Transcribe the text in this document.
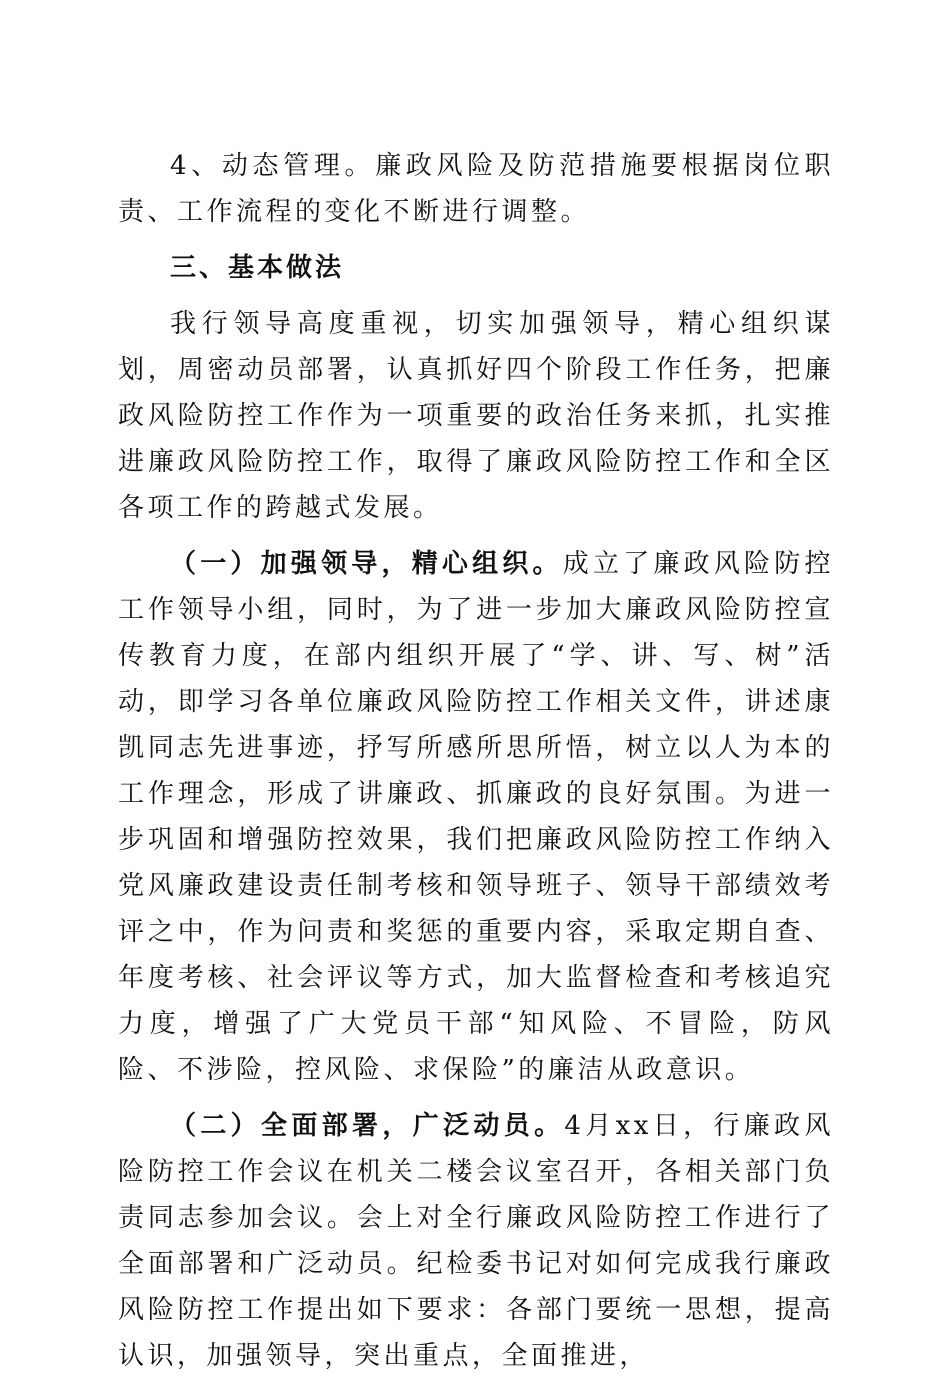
4、动态管理。廉政风险及防范措施要根据岗位职责、工作流程的变化不断进行调整。

三、基本做法

我行领导高度重视，切实加强领导，精心组织谋划，周密动员部署，认真抓好四个阶段工作任务，把廉政风险防控工作作为一项重要的政治任务来抓，扎实推进廉政风险防控工作，取得了廉政风险防控工作和全区各项工作的跨越式发展。

（一）加强领导，精心组织。成立了廉政风险防控工作领导小组，同时，为了进一步加大廉政风险防控宣传教育力度，在部内组织开展了“学、讲、写、树”活动，即学习各单位廉政风险防控工作相关文件，讲述康凯同志先进事迹，抒写所感所思所悟，树立以人为本的工作理念，形成了讲廉政、抓廉政的良好氛围。为进一步巩固和增强防控效果，我们把廉政风险防控工作纳入党风廉政建设责任制考核和领导班子、领导干部绩效考评之中，作为问责和奖惩的重要内容，采取定期自查、年度考核、社会评议等方式，加大监督检查和考核追究力度，增强了广大党员干部“知风险、不冒险，防风险、不涉险，控风险、求保险”的廉洁从政意识。

（二）全面部署，广泛动员。4月xx日，行廉政风险防控工作会议在机关二楼会议室召开，各相关部门负责同志参加会议。会上对全行廉政风险防控工作进行了全面部署和广泛动员。纪检委书记对如何完成我行廉政风险防控工作提出如下要求：各部门要统一思想，提高认识，加强领导，突出重点，全面推进，
